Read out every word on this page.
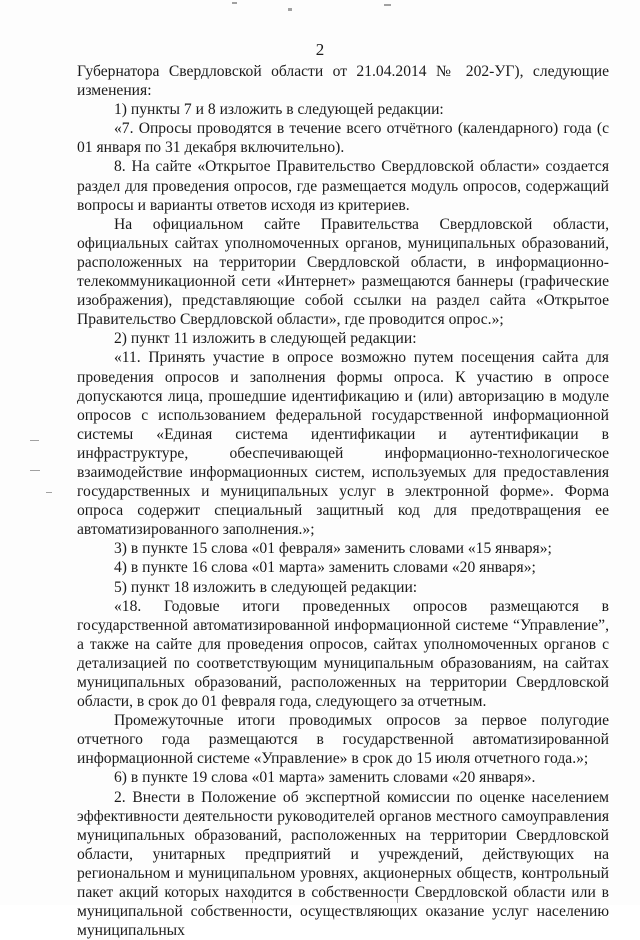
2

Губернатора Свердловской области от 21.04.2014 № 202-УГ), следующие изменения:

1) пункты 7 и 8 изложить в следующей редакции:

«7. Опросы проводятся в течение всего отчётного (календарного) года (с 01 января по 31 декабря включительно).

8. На сайте «Открытое Правительство Свердловской области» создается раздел для проведения опросов, где размещается модуль опросов, содержащий вопросы и варианты ответов исходя из критериев.

На официальном сайте Правительства Свердловской области, официальных сайтах уполномоченных органов, муниципальных образований, расположенных на территории Свердловской области, в информационно-телекоммуникационной сети «Интернет» размещаются баннеры (графические изображения), представляющие собой ссылки на раздел сайта «Открытое Правительство Свердловской области», где проводится опрос.»;

2) пункт 11 изложить в следующей редакции:

«11. Принять участие в опросе возможно путем посещения сайта для проведения опросов и заполнения формы опроса. К участию в опросе допускаются лица, прошедшие идентификацию и (или) авторизацию в модуле опросов с использованием федеральной государственной информационной системы «Единая система идентификации и аутентификации в инфраструктуре, обеспечивающей информационно-технологическое взаимодействие информационных систем, используемых для предоставления государственных и муниципальных услуг в электронной форме». Форма опроса содержит специальный защитный код для предотвращения ее автоматизированного заполнения.»;

3) в пункте 15 слова «01 февраля» заменить словами «15 января»;

4) в пункте 16 слова «01 марта» заменить словами «20 января»;

5) пункт 18 изложить в следующей редакции:

«18. Годовые итоги проведенных опросов размещаются в государственной автоматизированной информационной системе “Управление”, а также на сайте для проведения опросов, сайтах уполномоченных органов с детализацией по соответствующим муниципальным образованиям, на сайтах муниципальных образований, расположенных на территории Свердловской области, в срок до 01 февраля года, следующего за отчетным.

Промежуточные итоги проводимых опросов за первое полугодие отчетного года размещаются в государственной автоматизированной информационной системе «Управление» в срок до 15 июля отчетного года.»;

6) в пункте 19 слова «01 марта» заменить словами «20 января».

2. Внести в Положение об экспертной комиссии по оценке населением эффективности деятельности руководителей органов местного самоуправления муниципальных образований, расположенных на территории Свердловской области, унитарных предприятий и учреждений, действующих на региональном и муниципальном уровнях, акционерных обществ, контрольный пакет акций которых находится в собственности Свердловской области или в муниципальной собственности, осуществляющих оказание услуг населению муниципальных
